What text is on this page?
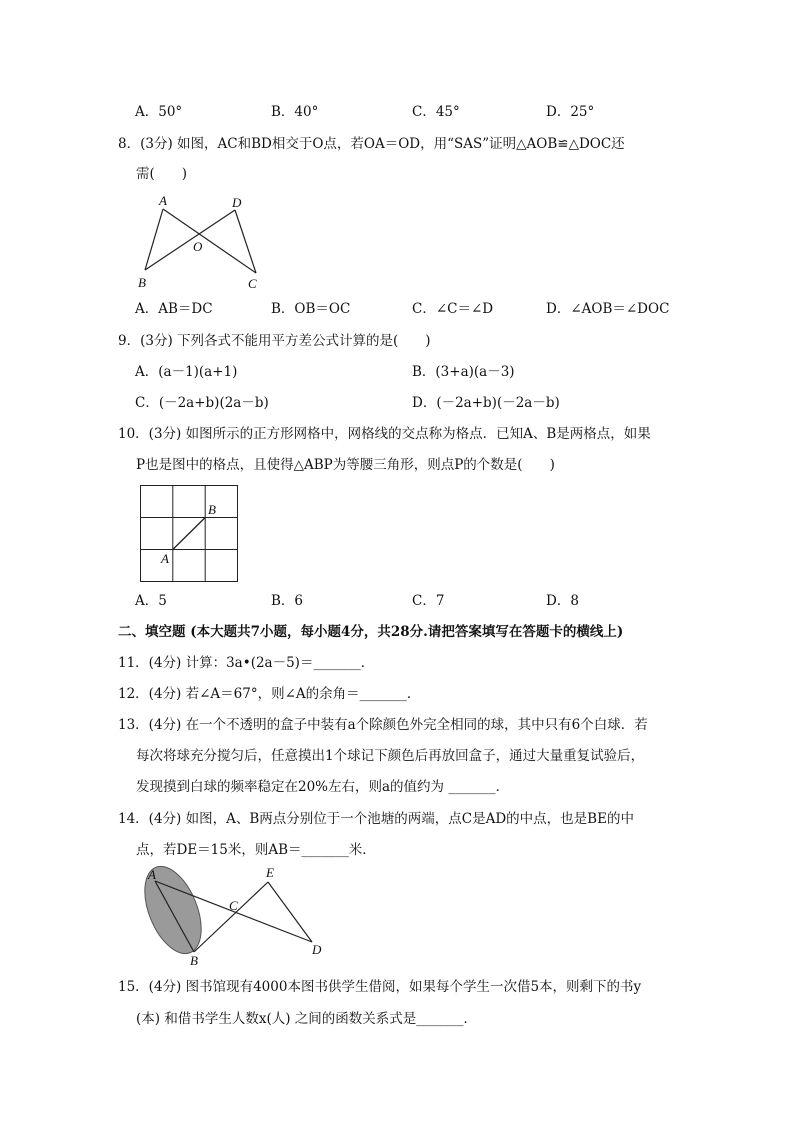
A．50°	B．40°	C．45°	D．25°
8．(3分) 如图，AC和BD相交于O点，若OA＝OD，用“SAS”证明△AOB≌△DOC还
需(　　)
A	D
O
B	C
A．AB＝DC	B．OB＝OC	C．∠C＝∠D	D．∠AOB＝∠DOC
9．(3分) 下列各式不能用平方差公式计算的是(　　)
A．(a－1)(a+1)	B．(3+a)(a－3)
C．(－2a+b)(2a－b)	D．(－2a+b)(－2a－b)
10．(3分) 如图所示的正方形网格中，网格线的交点称为格点．已知A、B是两格点，如果
P也是图中的格点，且使得△ABP为等腰三角形，则点P的个数是(　　)
A
B
A．5	B．6	C．7	D．8
二、填空题 (本大题共7小题，每小题4分，共28分.请把答案填写在答题卡的横线上)
11．(4分) 计算：3a•(2a－5)＝_______．
12．(4分) 若∠A＝67°，则∠A的余角＝_______．
13．(4分) 在一个不透明的盒子中装有a个除颜色外完全相同的球，其中只有6个白球．若
每次将球充分搅匀后，任意摸出1个球记下颜色后再放回盒子，通过大量重复试验后，
发现摸到白球的频率稳定在20%左右，则a的值约为 _______．
14．(4分) 如图，A、B两点分别位于一个池塘的两端，点C是AD的中点，也是BE的中
点，若DE＝15米，则AB＝_______米．
A	E
C
B
D
15．(4分) 图书馆现有4000本图书供学生借阅，如果每个学生一次借5本，则剩下的书y
(本) 和借书学生人数x(人) 之间的函数关系式是_______．
